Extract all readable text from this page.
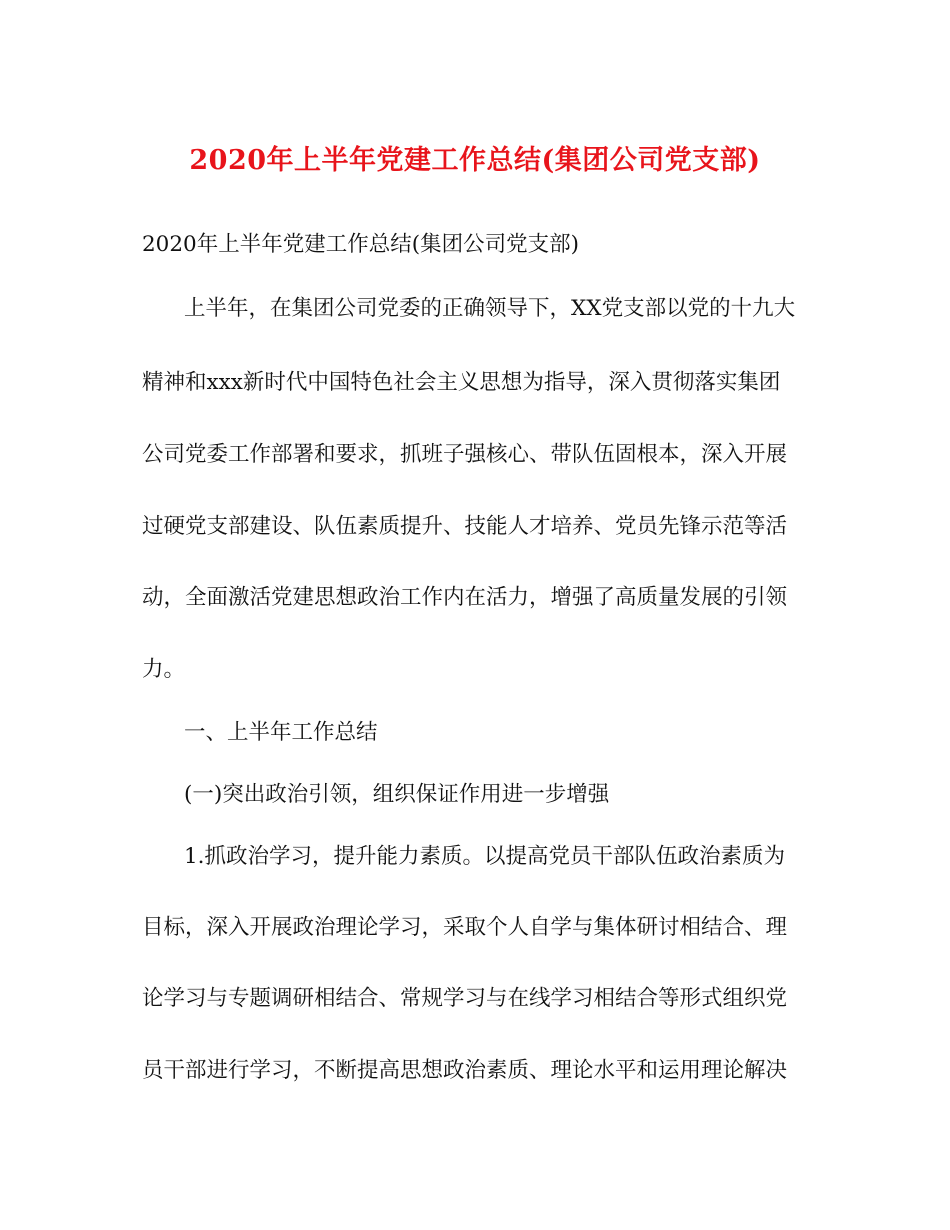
2020年上半年党建工作总结(集团公司党支部)
2020年上半年党建工作总结(集团公司党支部)
上半年，在集团公司党委的正确领导下，XX党支部以党的十九大
精神和xxx新时代中国特色社会主义思想为指导，深入贯彻落实集团
公司党委工作部署和要求，抓班子强核心、带队伍固根本，深入开展
过硬党支部建设、队伍素质提升、技能人才培养、党员先锋示范等活
动，全面激活党建思想政治工作内在活力，增强了高质量发展的引领
力。
一、上半年工作总结
(一)突出政治引领，组织保证作用进一步增强
1.抓政治学习，提升能力素质。以提高党员干部队伍政治素质为
目标，深入开展政治理论学习，采取个人自学与集体研讨相结合、理
论学习与专题调研相结合、常规学习与在线学习相结合等形式组织党
员干部进行学习，不断提高思想政治素质、理论水平和运用理论解决
